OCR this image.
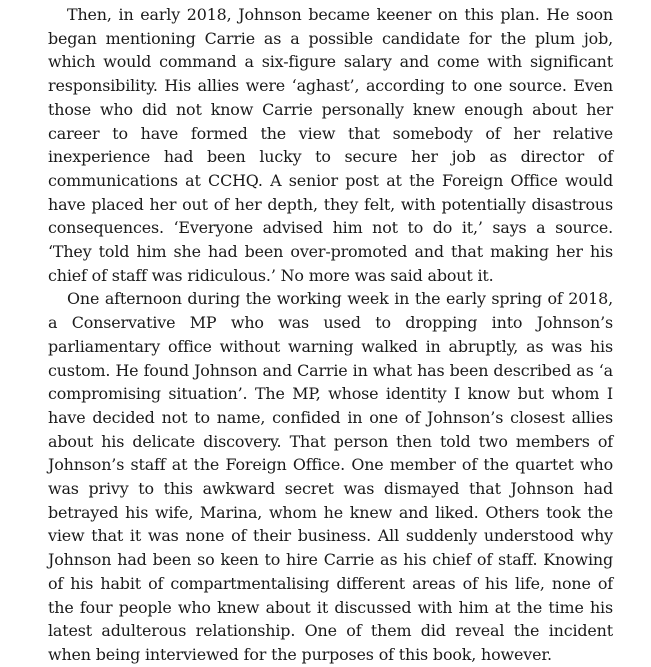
Then, in early 2018, Johnson became keener on this plan. He soon began mentioning Carrie as a possible candidate for the plum job, which would command a six-figure salary and come with significant responsibility. His allies were ‘aghast’, according to one source. Even those who did not know Carrie personally knew enough about her career to have formed the view that somebody of her relative inexperience had been lucky to secure her job as director of communications at CCHQ. A senior post at the Foreign Office would have placed her out of her depth, they felt, with potentially disastrous consequences. ‘Everyone advised him not to do it,’ says a source. ‘They told him she had been over-promoted and that making her his chief of staff was ridiculous.’ No more was said about it.

One afternoon during the working week in the early spring of 2018, a Conservative MP who was used to dropping into Johnson’s parliamentary office without warning walked in abruptly, as was his custom. He found Johnson and Carrie in what has been described as ‘a compromising situation’. The MP, whose identity I know but whom I have decided not to name, confided in one of Johnson’s closest allies about his delicate discovery. That person then told two members of Johnson’s staff at the Foreign Office. One member of the quartet who was privy to this awkward secret was dismayed that Johnson had betrayed his wife, Marina, whom he knew and liked. Others took the view that it was none of their business. All suddenly understood why Johnson had been so keen to hire Carrie as his chief of staff. Knowing of his habit of compartmentalising different areas of his life, none of the four people who knew about it discussed with him at the time his latest adulterous relationship. One of them did reveal the incident when being interviewed for the purposes of this book, however.
